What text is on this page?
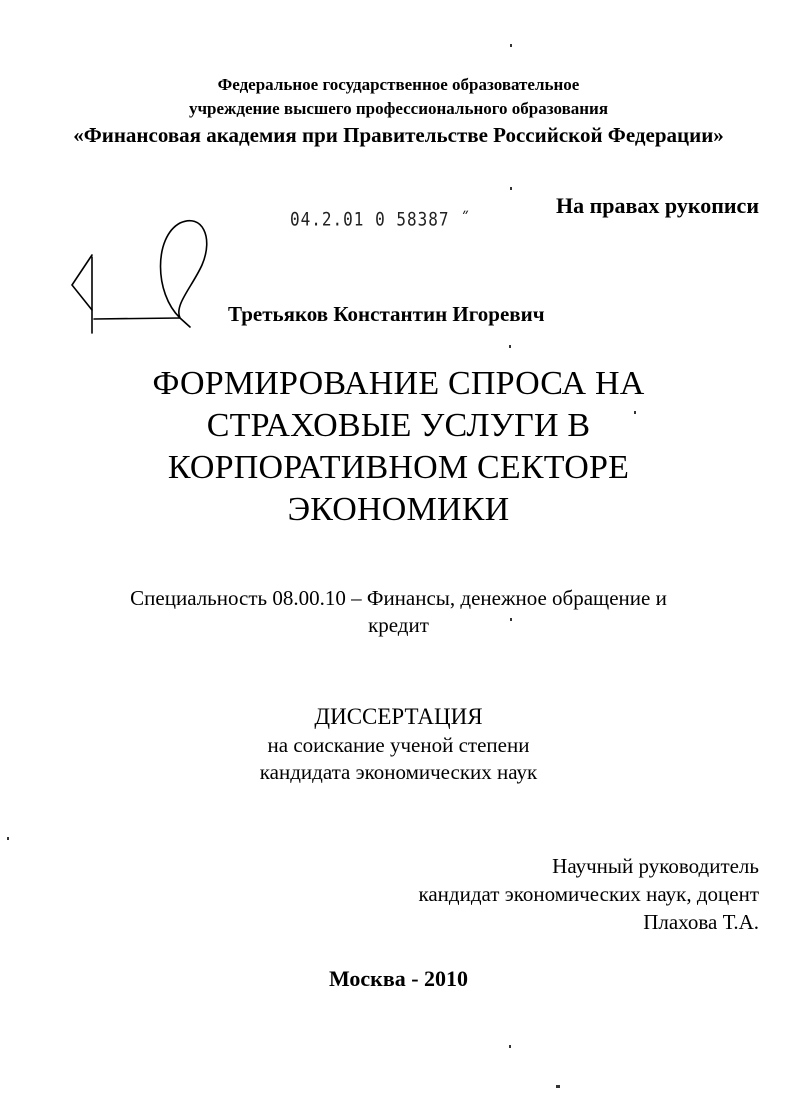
Федеральное государственное образовательное
учреждение высшего профессионального образования
«Финансовая академия при Правительстве Российской Федерации»
04.2.01 0 58387 ˝
На правах рукописи
Третьяков Константин Игоревич
ФОРМИРОВАНИЕ СПРОСА НА
СТРАХОВЫЕ УСЛУГИ В
КОРПОРАТИВНОМ СЕКТОРЕ
ЭКОНОМИКИ
Специальность 08.00.10 – Финансы, денежное обращение и
кредит
ДИССЕРТАЦИЯ
на соискание ученой степени
кандидата экономических наук
Научный руководитель
кандидат экономических наук, доцент
Плахова Т.А.
Москва - 2010
